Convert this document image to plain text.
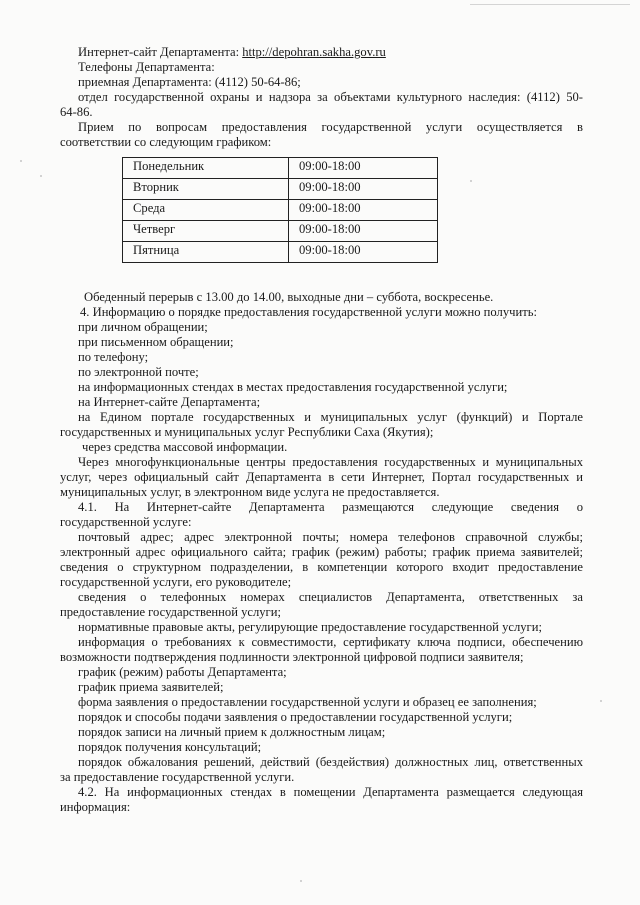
Интернет-сайт Департамента: http://depohran.sakha.gov.ru
Телефоны Департамента:
приемная Департамента: (4112) 50-64-86;
отдел государственной охраны и надзора за объектами культурного наследия: (4112) 50-
64-86.
Прием по вопросам предоставления государственной услуги осуществляется в
соответствии со следующим графиком:
Понедельник	09:00-18:00
Вторник	09:00-18:00
Среда	09:00-18:00
Четверг	09:00-18:00
Пятница	09:00-18:00
Обеденный перерыв с 13.00 до 14.00, выходные дни – суббота, воскресенье.
4. Информацию о порядке предоставления государственной услуги можно получить:
при личном обращении;
при письменном обращении;
по телефону;
по электронной почте;
на информационных стендах в местах предоставления государственной услуги;
на Интернет-сайте Департамента;
на Едином портале государственных и муниципальных услуг (функций) и Портале
государственных и муниципальных услуг Республики Саха (Якутия);
через средства массовой информации.
Через многофункциональные центры предоставления государственных и муниципальных
услуг, через официальный сайт Департамента в сети Интернет, Портал государственных и
муниципальных услуг, в электронном виде услуга не предоставляется.
4.1. На Интернет-сайте Департамента размещаются следующие сведения о
государственной услуге:
почтовый адрес; адрес электронной почты; номера телефонов справочной службы;
электронный адрес официального сайта; график (режим) работы; график приема заявителей;
сведения о структурном подразделении, в компетенции которого входит предоставление
государственной услуги, его руководителе;
сведения о телефонных номерах специалистов Департамента, ответственных за
предоставление государственной услуги;
нормативные правовые акты, регулирующие предоставление государственной услуги;
информация о требованиях к совместимости, сертификату ключа подписи, обеспечению
возможности подтверждения подлинности электронной цифровой подписи заявителя;
график (режим) работы Департамента;
график приема заявителей;
форма заявления о предоставлении государственной услуги и образец ее заполнения;
порядок и способы подачи заявления о предоставлении государственной услуги;
порядок записи на личный прием к должностным лицам;
порядок получения консультаций;
порядок обжалования решений, действий (бездействия) должностных лиц, ответственных
за предоставление государственной услуги.
4.2. На информационных стендах в помещении Департамента размещается следующая
информация:
